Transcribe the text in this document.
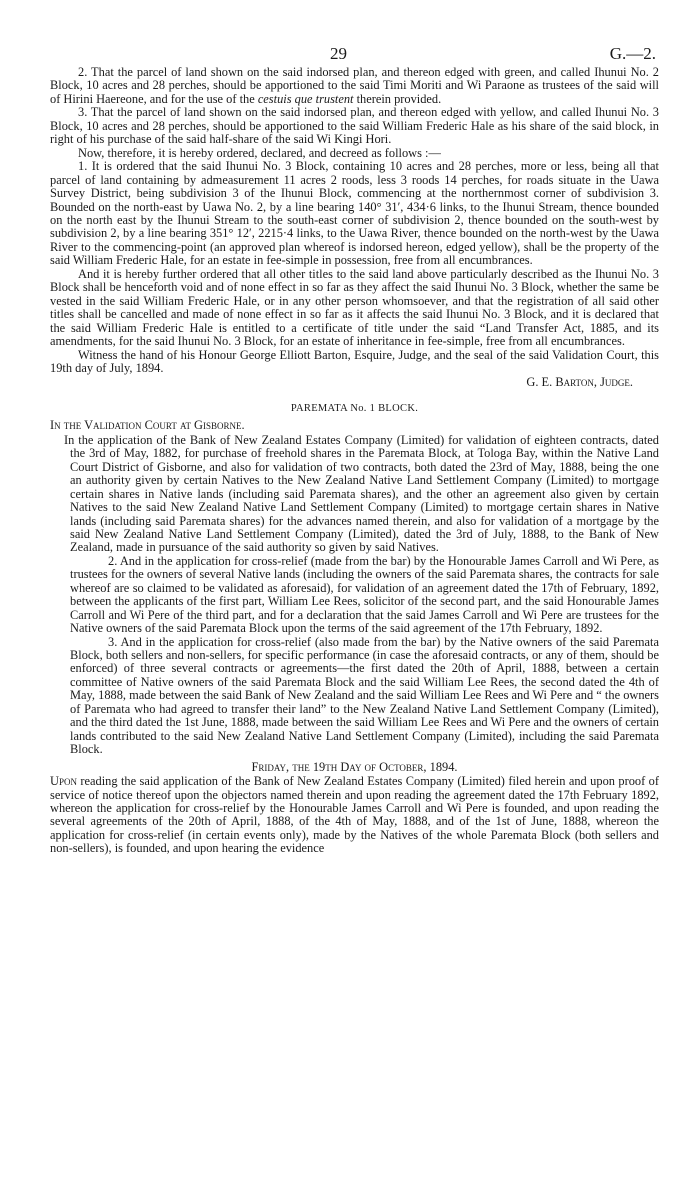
29	G.—2.

2. That the parcel of land shown on the said indorsed plan, and thereon edged with green, and called Ihunui No. 2 Block, 10 acres and 28 perches, should be apportioned to the said Timi Moriti and Wi Paraone as trustees of the said will of Hirini Haereone, and for the use of the cestuis que trustent therein provided.

3. That the parcel of land shown on the said indorsed plan, and thereon edged with yellow, and called Ihunui No. 3 Block, 10 acres and 28 perches, should be apportioned to the said William Frederic Hale as his share of the said block, in right of his purchase of the said half-share of the said Wi Kingi Hori.

Now, therefore, it is hereby ordered, declared, and decreed as follows :—

1. It is ordered that the said Ihunui No. 3 Block, containing 10 acres and 28 perches, more or less, being all that parcel of land containing by admeasurement 11 acres 2 roods, less 3 roods 14 perches, for roads situate in the Uawa Survey District, being subdivision 3 of the Ihunui Block, commencing at the northernmost corner of subdivision 3. Bounded on the north-east by Uawa No. 2, by a line bearing 140° 31′, 434·6 links, to the Ihunui Stream, thence bounded on the north east by the Ihunui Stream to the south-east corner of subdivision 2, thence bounded on the south-west by subdivision 2, by a line bearing 351° 12′, 2215·4 links, to the Uawa River, thence bounded on the north-west by the Uawa River to the commencing-point (an approved plan whereof is indorsed hereon, edged yellow), shall be the property of the said William Frederic Hale, for an estate in fee-simple in possession, free from all encumbrances.

And it is hereby further ordered that all other titles to the said land above particularly described as the Ihunui No. 3 Block shall be henceforth void and of none effect in so far as they affect the said Ihunui No. 3 Block, whether the same be vested in the said William Frederic Hale, or in any other person whomsoever, and that the registration of all said other titles shall be cancelled and made of none effect in so far as it affects the said Ihunui No. 3 Block, and it is declared that the said William Frederic Hale is entitled to a certificate of title under the said “Land Transfer Act, 1885, and its amendments, for the said Ihunui No. 3 Block, for an estate of inheritance in fee-simple, free from all encumbrances.

Witness the hand of his Honour George Elliott Barton, Esquire, Judge, and the seal of the said Validation Court, this 19th day of July, 1894.

G. E. Barton, Judge.

PAREMATA No. 1 BLOCK.

In the Validation Court at Gisborne.

In the application of the Bank of New Zealand Estates Company (Limited) for validation of eighteen contracts, dated the 3rd of May, 1882, for purchase of freehold shares in the Paremata Block, at Tologa Bay, within the Native Land Court District of Gisborne, and also for validation of two contracts, both dated the 23rd of May, 1888, being the one an authority given by certain Natives to the New Zealand Native Land Settlement Company (Limited) to mortgage certain shares in Native lands (including said Paremata shares), and the other an agreement also given by certain Natives to the said New Zealand Native Land Settlement Company (Limited) to mortgage certain shares in Native lands (including said Paremata shares) for the advances named therein, and also for validation of a mortgage by the said New Zealand Native Land Settlement Company (Limited), dated the 3rd of July, 1888, to the Bank of New Zealand, made in pursuance of the said authority so given by said Natives.

2. And in the application for cross-relief (made from the bar) by the Honourable James Carroll and Wi Pere, as trustees for the owners of several Native lands (including the owners of the said Paremata shares, the contracts for sale whereof are so claimed to be validated as aforesaid), for validation of an agreement dated the 17th of February, 1892, between the applicants of the first part, William Lee Rees, solicitor of the second part, and the said Honourable James Carroll and Wi Pere of the third part, and for a declaration that the said James Carroll and Wi Pere are trustees for the Native owners of the said Paremata Block upon the terms of the said agreement of the 17th February, 1892.

3. And in the application for cross-relief (also made from the bar) by the Native owners of the said Paremata Block, both sellers and non-sellers, for specific performance (in case the aforesaid contracts, or any of them, should be enforced) of three several contracts or agreements—the first dated the 20th of April, 1888, between a certain committee of Native owners of the said Paremata Block and the said William Lee Rees, the second dated the 4th of May, 1888, made between the said Bank of New Zealand and the said William Lee Rees and Wi Pere and “ the owners of Paremata who had agreed to transfer their land” to the New Zealand Native Land Settlement Company (Limited), and the third dated the 1st June, 1888, made between the said William Lee Rees and Wi Pere and the owners of certain lands contributed to the said New Zealand Native Land Settlement Company (Limited), including the said Paremata Block.

Friday, the 19th Day of October, 1894.

Upon reading the said application of the Bank of New Zealand Estates Company (Limited) filed herein and upon proof of service of notice thereof upon the objectors named therein and upon reading the agreement dated the 17th February 1892, whereon the application for cross-relief by the Honourable James Carroll and Wi Pere is founded, and upon reading the several agreements of the 20th of April, 1888, of the 4th of May, 1888, and of the 1st of June, 1888, whereon the application for cross-relief (in certain events only), made by the Natives of the whole Paremata Block (both sellers and non-sellers), is founded, and upon hearing the evidence
